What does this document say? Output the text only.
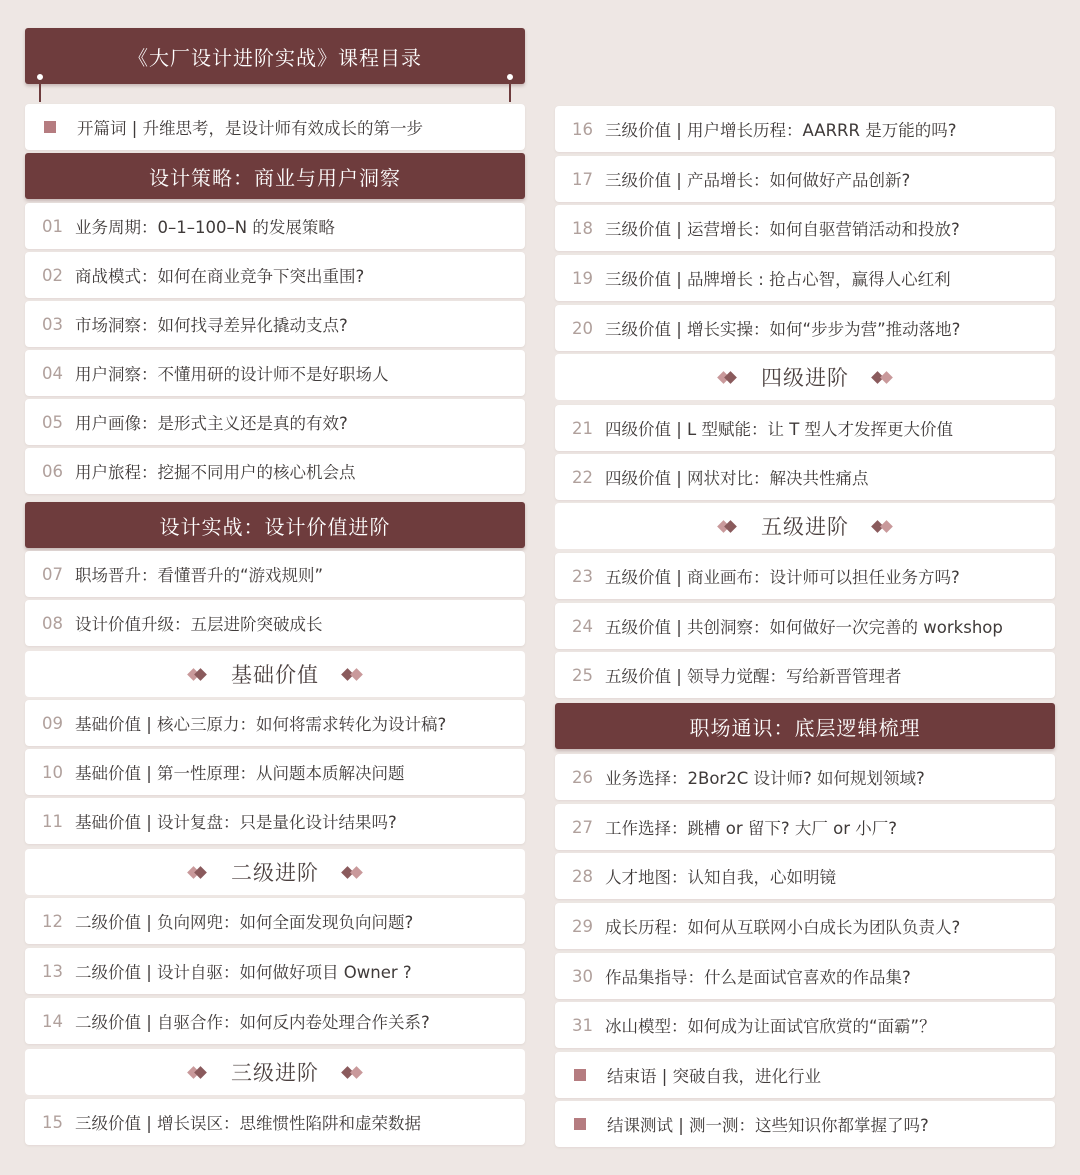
《大厂设计进阶实战》课程目录
开篇词 | 升维思考，是设计师有效成长的第一步
设计策略：商业与用户洞察
01 业务周期：0–1–100–N 的发展策略
02 商战模式：如何在商业竞争下突出重围?
03 市场洞察：如何找寻差异化撬动支点?
04 用户洞察：不懂用研的设计师不是好职场人
05 用户画像：是形式主义还是真的有效?
06 用户旅程：挖掘不同用户的核心机会点
设计实战：设计价值进阶
07 职场晋升：看懂晋升的“游戏规则”
08 设计价值升级：五层进阶突破成长
基础价值
09 基础价值 | 核心三原力：如何将需求转化为设计稿?
10 基础价值 | 第一性原理：从问题本质解决问题
11 基础价值 | 设计复盘：只是量化设计结果吗?
二级进阶
12 二级价值 | 负向网兜：如何全面发现负向问题?
13 二级价值 | 设计自驱：如何做好项目 Owner ?
14 二级价值 | 自驱合作：如何反内卷处理合作关系?
三级进阶
15 三级价值 | 增长误区：思维惯性陷阱和虚荣数据
16 三级价值 | 用户增长历程：AARRR 是万能的吗?
17 三级价值 | 产品增长：如何做好产品创新?
18 三级价值 | 运营增长：如何自驱营销活动和投放?
19 三级价值 | 品牌增长 : 抢占心智，赢得人心红利
20 三级价值 | 增长实操：如何“步步为营”推动落地?
四级进阶
21 四级价值 | L 型赋能：让 T 型人才发挥更大价值
22 四级价值 | 网状对比：解决共性痛点
五级进阶
23 五级价值 | 商业画布：设计师可以担任业务方吗?
24 五级价值 | 共创洞察：如何做好一次完善的 workshop
25 五级价值 | 领导力觉醒：写给新晋管理者
职场通识：底层逻辑梳理
26 业务选择：2Bor2C 设计师? 如何规划领域?
27 工作选择：跳槽 or 留下? 大厂 or 小厂?
28 人才地图：认知自我，心如明镜
29 成长历程：如何从互联网小白成长为团队负责人?
30 作品集指导：什么是面试官喜欢的作品集?
31 冰山模型：如何成为让面试官欣赏的“面霸”？
结束语 | 突破自我，进化行业
结课测试 | 测一测：这些知识你都掌握了吗?
